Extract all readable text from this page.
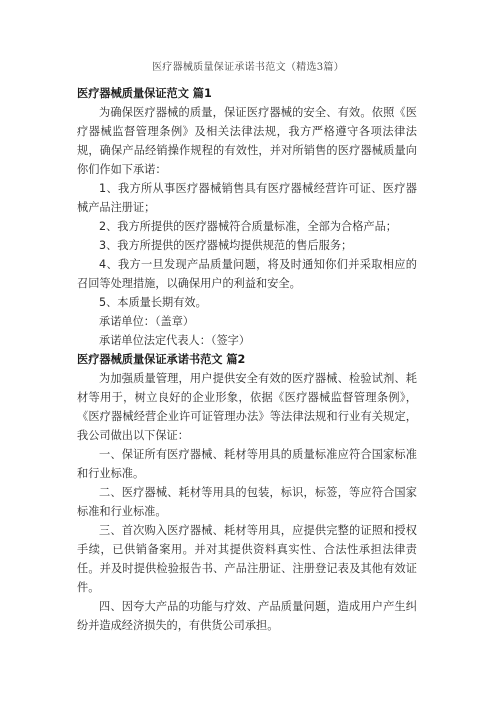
医疗器械质量保证承诺书范文（精选3篇）

医疗器械质量保证范文 篇1

为确保医疗器械的质量，保证医疗器械的安全、有效。依照《医疗器械监督管理条例》及相关法律法规，我方严格遵守各项法律法规，确保产品经销操作规程的有效性，并对所销售的医疗器械质量向你们作如下承诺：

1、我方所从事医疗器械销售具有医疗器械经营许可证、医疗器械产品注册证；

2、我方所提供的医疗器械符合质量标准，全部为合格产品；

3、我方所提供的医疗器械均提供规范的售后服务；

4、我方一旦发现产品质量问题，将及时通知你们并采取相应的召回等处理措施，以确保用户的利益和安全。

5、本质量长期有效。

承诺单位：（盖章）

承诺单位法定代表人：（签字）

医疗器械质量保证承诺书范文 篇2

为加强质量管理，用户提供安全有效的医疗器械、检验试剂、耗材等用于，树立良好的企业形象，依据《医疗器械监督管理条例》，《医疗器械经营企业许可证管理办法》等法律法规和行业有关规定，我公司做出以下保证：

一、保证所有医疗器械、耗材等用具的质量标准应符合国家标准和行业标准。

二、医疗器械、耗材等用具的包装，标识，标签，等应符合国家标准和行业标准。

三、首次购入医疗器械、耗材等用具，应提供完整的证照和授权手续，已供销备案用。并对其提供资料真实性、合法性承担法律责任。并及时提供检验报告书、产品注册证、注册登记表及其他有效证件。

四、因夸大产品的功能与疗效、产品质量问题，造成用户产生纠纷并造成经济损失的，有供货公司承担。
